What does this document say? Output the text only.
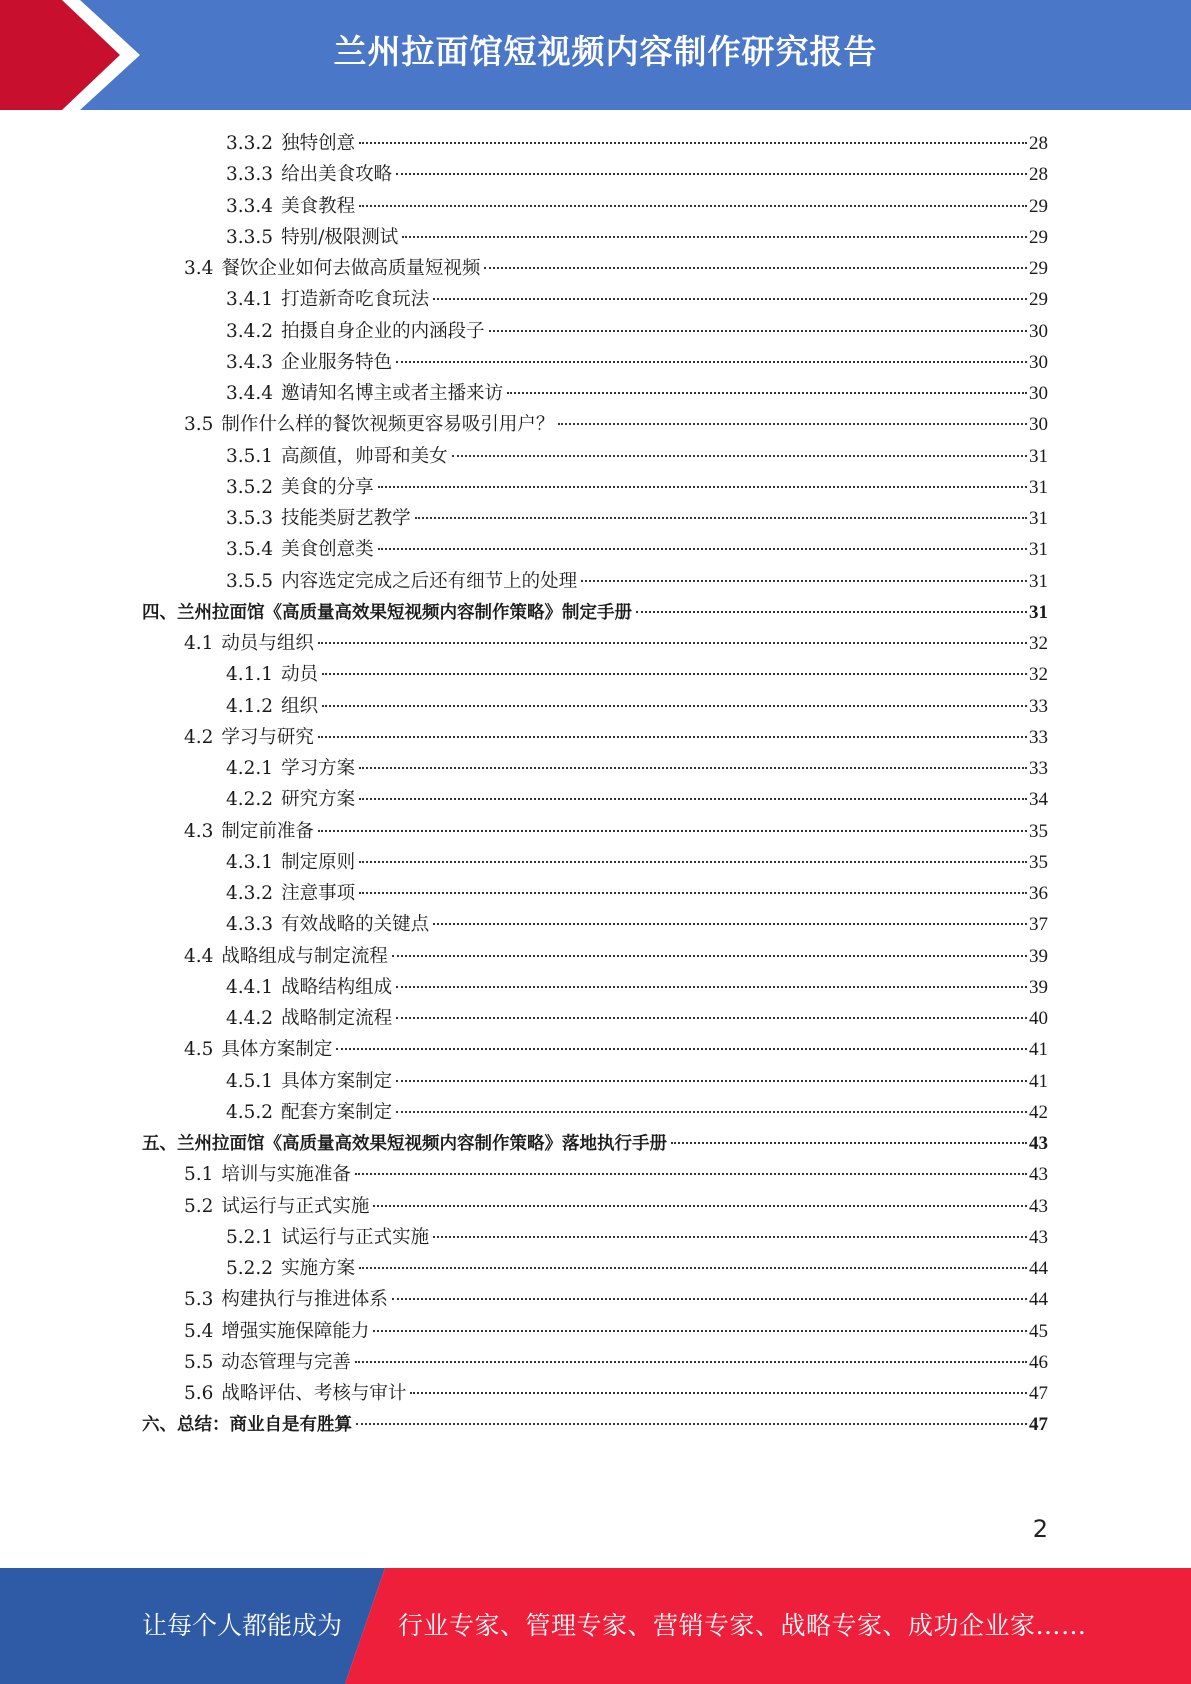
兰州拉面馆短视频内容制作研究报告
3.3.2 独特创意	28
3.3.3 给出美食攻略	28
3.3.4 美食教程	29
3.3.5 特别/极限测试	29
3.4 餐饮企业如何去做高质量短视频	29
3.4.1 打造新奇吃食玩法	29
3.4.2 拍摄自身企业的内涵段子	30
3.4.3 企业服务特色	30
3.4.4 邀请知名博主或者主播来访	30
3.5 制作什么样的餐饮视频更容易吸引用户？	30
3.5.1 高颜值，帅哥和美女	31
3.5.2 美食的分享	31
3.5.3 技能类厨艺教学	31
3.5.4 美食创意类	31
3.5.5 内容选定完成之后还有细节上的处理	31
四、 兰州拉面馆《高质量高效果短视频内容制作策略》制定手册	31
4.1 动员与组织	32
4.1.1 动员	32
4.1.2 组织	33
4.2 学习与研究	33
4.2.1 学习方案	33
4.2.2 研究方案	34
4.3 制定前准备	35
4.3.1 制定原则	35
4.3.2 注意事项	36
4.3.3 有效战略的关键点	37
4.4 战略组成与制定流程	39
4.4.1 战略结构组成	39
4.4.2 战略制定流程	40
4.5 具体方案制定	41
4.5.1 具体方案制定	41
4.5.2 配套方案制定	42
五、 兰州拉面馆《高质量高效果短视频内容制作策略》落地执行手册	43
5.1 培训与实施准备	43
5.2 试运行与正式实施	43
5.2.1 试运行与正式实施	43
5.2.2 实施方案	44
5.3 构建执行与推进体系	44
5.4 增强实施保障能力	45
5.5 动态管理与完善	46
5.6 战略评估、考核与审计	47
六、 总结：商业自是有胜算	47
2
让每个人都能成为 行业专家、管理专家、营销专家、战略专家、成功企业家……
